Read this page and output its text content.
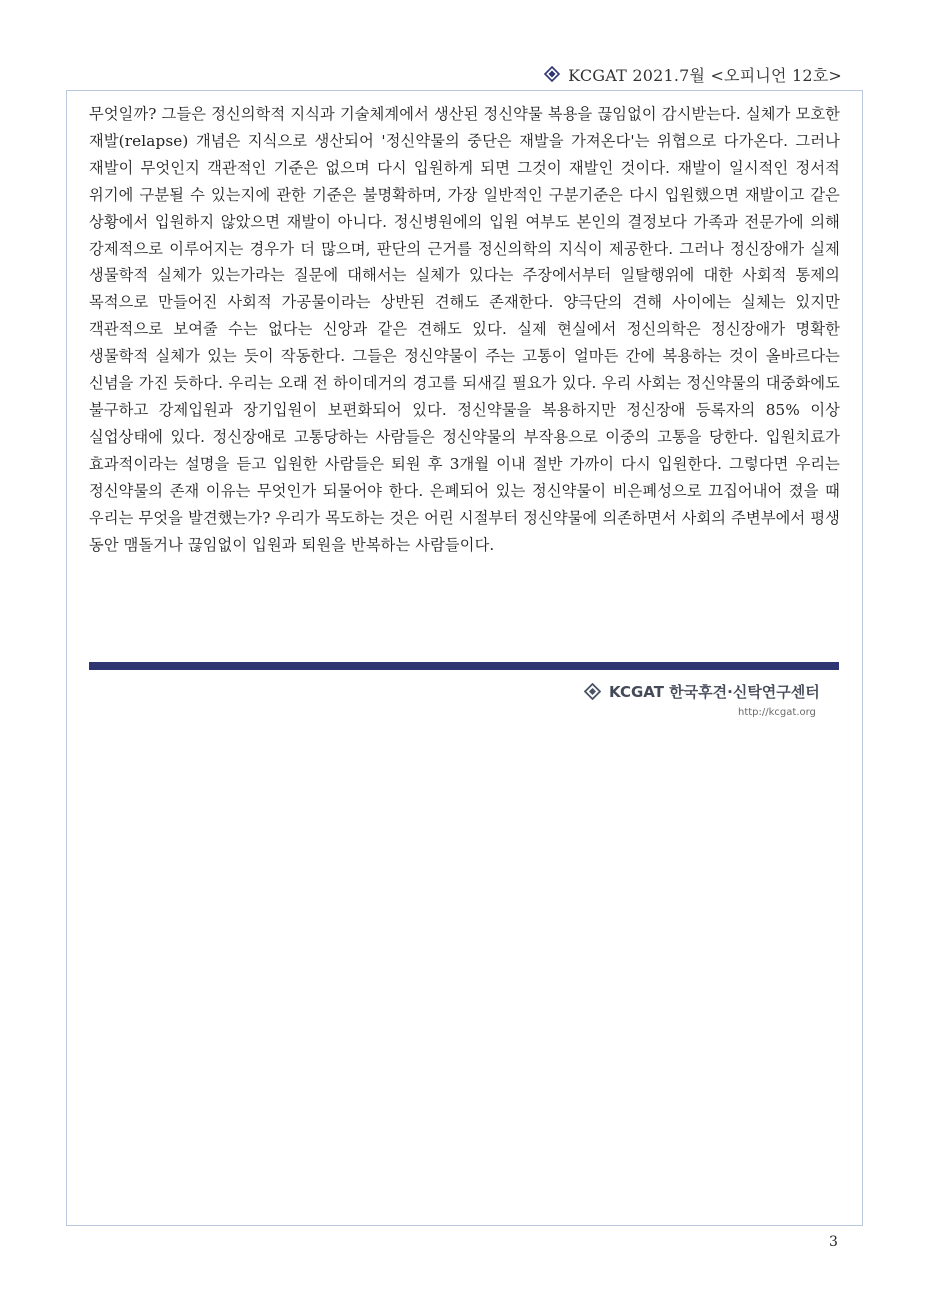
KCGAT 2021.7월 <오피니언 12호>

무엇일까? 그들은 정신의학적 지식과 기술체계에서 생산된 정신약물 복용을 끊임없이 감시받는다. 실체가 모호한 재발(relapse) 개념은 지식으로 생산되어 '정신약물의 중단은 재발을 가져온다'는 위협으로 다가온다. 그러나 재발이 무엇인지 객관적인 기준은 없으며 다시 입원하게 되면 그것이 재발인 것이다. 재발이 일시적인 정서적 위기에 구분될 수 있는지에 관한 기준은 불명확하며, 가장 일반적인 구분기준은 다시 입원했으면 재발이고 같은 상황에서 입원하지 않았으면 재발이 아니다. 정신병원에의 입원 여부도 본인의 결정보다 가족과 전문가에 의해 강제적으로 이루어지는 경우가 더 많으며, 판단의 근거를 정신의학의 지식이 제공한다. 그러나 정신장애가 실제 생물학적 실체가 있는가라는 질문에 대해서는 실체가 있다는 주장에서부터 일탈행위에 대한 사회적 통제의 목적으로 만들어진 사회적 가공물이라는 상반된 견해도 존재한다. 양극단의 견해 사이에는 실체는 있지만 객관적으로 보여줄 수는 없다는 신앙과 같은 견해도 있다. 실제 현실에서 정신의학은 정신장애가 명확한 생물학적 실체가 있는 듯이 작동한다. 그들은 정신약물이 주는 고통이 얼마든 간에 복용하는 것이 올바르다는 신념을 가진 듯하다. 우리는 오래 전 하이데거의 경고를 되새길 필요가 있다. 우리 사회는 정신약물의 대중화에도 불구하고 강제입원과 장기입원이 보편화되어 있다. 정신약물을 복용하지만 정신장애 등록자의 85% 이상 실업상태에 있다. 정신장애로 고통당하는 사람들은 정신약물의 부작용으로 이중의 고통을 당한다. 입원치료가 효과적이라는 설명을 듣고 입원한 사람들은 퇴원 후 3개월 이내 절반 가까이 다시 입원한다. 그렇다면 우리는 정신약물의 존재 이유는 무엇인가 되물어야 한다. 은폐되어 있는 정신약물이 비은폐성으로 끄집어내어 졌을 때 우리는 무엇을 발견했는가? 우리가 목도하는 것은 어린 시절부터 정신약물에 의존하면서 사회의 주변부에서 평생 동안 맴돌거나 끊임없이 입원과 퇴원을 반복하는 사람들이다.

KCGAT 한국후견·신탁연구센터
http://kcgat.org
3
